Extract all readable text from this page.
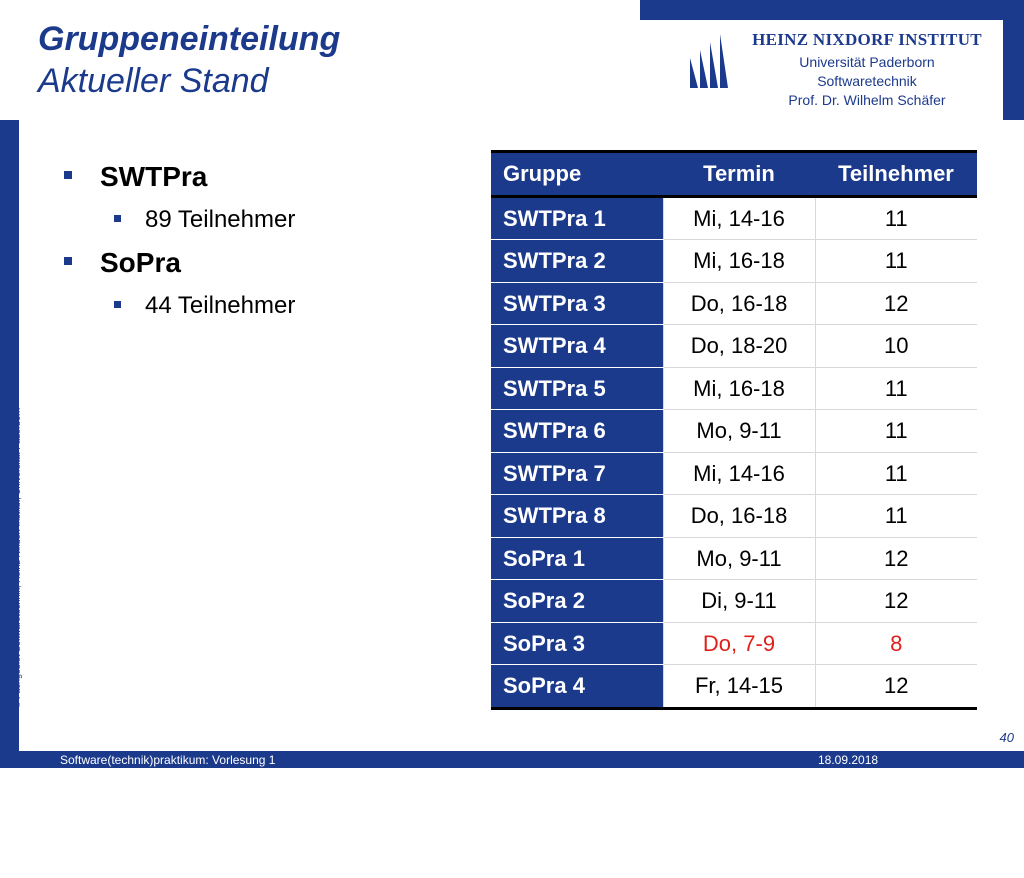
© Fachgebiet Softwaretechnik, Heinz Nixdorf Institut, Universität Paderborn
HEINZ NIXDORF INSTITUT
Universität Paderborn
Softwaretechnik
Prof. Dr. Wilhelm Schäfer
Gruppeneinteilung
Aktueller Stand
SWTPra
89 Teilnehmer
SoPra
44 Teilnehmer
Gruppe	Termin	Teilnehmer
SWTPra 1	Mi, 14-16	11
SWTPra 2	Mi, 16-18	11
SWTPra 3	Do, 16-18	12
SWTPra 4	Do, 18-20	10
SWTPra 5	Mi, 16-18	11
SWTPra 6	Mo, 9-11	11
SWTPra 7	Mi, 14-16	11
SWTPra 8	Do, 16-18	11
SoPra 1	Mo, 9-11	12
SoPra 2	Di, 9-11	12
SoPra 3	Do, 7-9	8
SoPra 4	Fr, 14-15	12
Software(technik)praktikum: Vorlesung 1	18.09.2018
40
